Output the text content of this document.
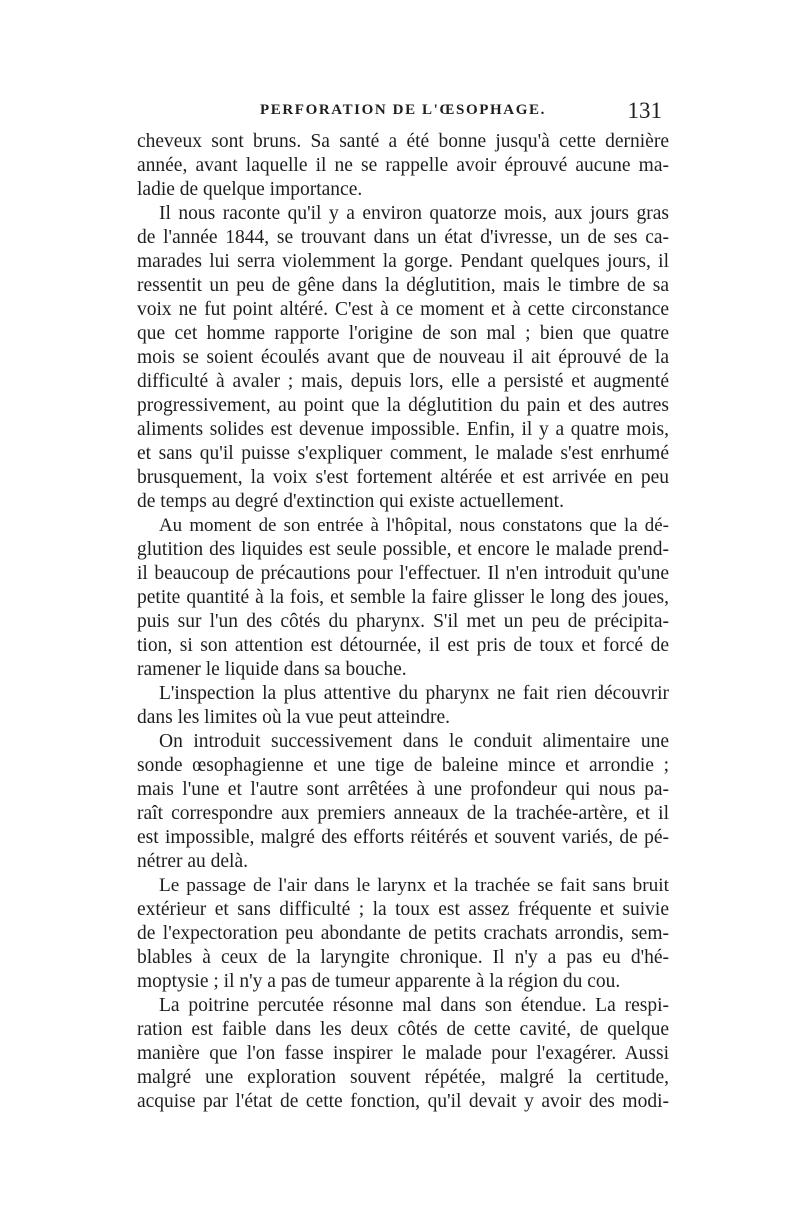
PERFORATION DE L'ŒSOPHAGE.	131
cheveux sont bruns. Sa santé a été bonne jusqu'à cette dernière
année, avant laquelle il ne se rappelle avoir éprouvé aucune ma-
ladie de quelque importance.
Il nous raconte qu'il y a environ quatorze mois, aux jours gras
de l'année 1844, se trouvant dans un état d'ivresse, un de ses ca-
marades lui serra violemment la gorge. Pendant quelques jours, il
ressentit un peu de gêne dans la déglutition, mais le timbre de sa
voix ne fut point altéré. C'est à ce moment et à cette circonstance
que cet homme rapporte l'origine de son mal ; bien que quatre
mois se soient écoulés avant que de nouveau il ait éprouvé de la
difficulté à avaler ; mais, depuis lors, elle a persisté et augmenté
progressivement, au point que la déglutition du pain et des autres
aliments solides est devenue impossible. Enfin, il y a quatre mois,
et sans qu'il puisse s'expliquer comment, le malade s'est enrhumé
brusquement, la voix s'est fortement altérée et est arrivée en peu
de temps au degré d'extinction qui existe actuellement.
Au moment de son entrée à l'hôpital, nous constatons que la dé-
glutition des liquides est seule possible, et encore le malade prend-
il beaucoup de précautions pour l'effectuer. Il n'en introduit qu'une
petite quantité à la fois, et semble la faire glisser le long des joues,
puis sur l'un des côtés du pharynx. S'il met un peu de précipita-
tion, si son attention est détournée, il est pris de toux et forcé de
ramener le liquide dans sa bouche.
L'inspection la plus attentive du pharynx ne fait rien découvrir
dans les limites où la vue peut atteindre.
On introduit successivement dans le conduit alimentaire une
sonde œsophagienne et une tige de baleine mince et arrondie ;
mais l'une et l'autre sont arrêtées à une profondeur qui nous pa-
raît correspondre aux premiers anneaux de la trachée-artère, et il
est impossible, malgré des efforts réitérés et souvent variés, de pé-
nétrer au delà.
Le passage de l'air dans le larynx et la trachée se fait sans bruit
extérieur et sans difficulté ; la toux est assez fréquente et suivie
de l'expectoration peu abondante de petits crachats arrondis, sem-
blables à ceux de la laryngite chronique. Il n'y a pas eu d'hé-
moptysie ; il n'y a pas de tumeur apparente à la région du cou.
La poitrine percutée résonne mal dans son étendue. La respi-
ration est faible dans les deux côtés de cette cavité, de quelque
manière que l'on fasse inspirer le malade pour l'exagérer. Aussi
malgré une exploration souvent répétée, malgré la certitude,
acquise par l'état de cette fonction, qu'il devait y avoir des modi-
